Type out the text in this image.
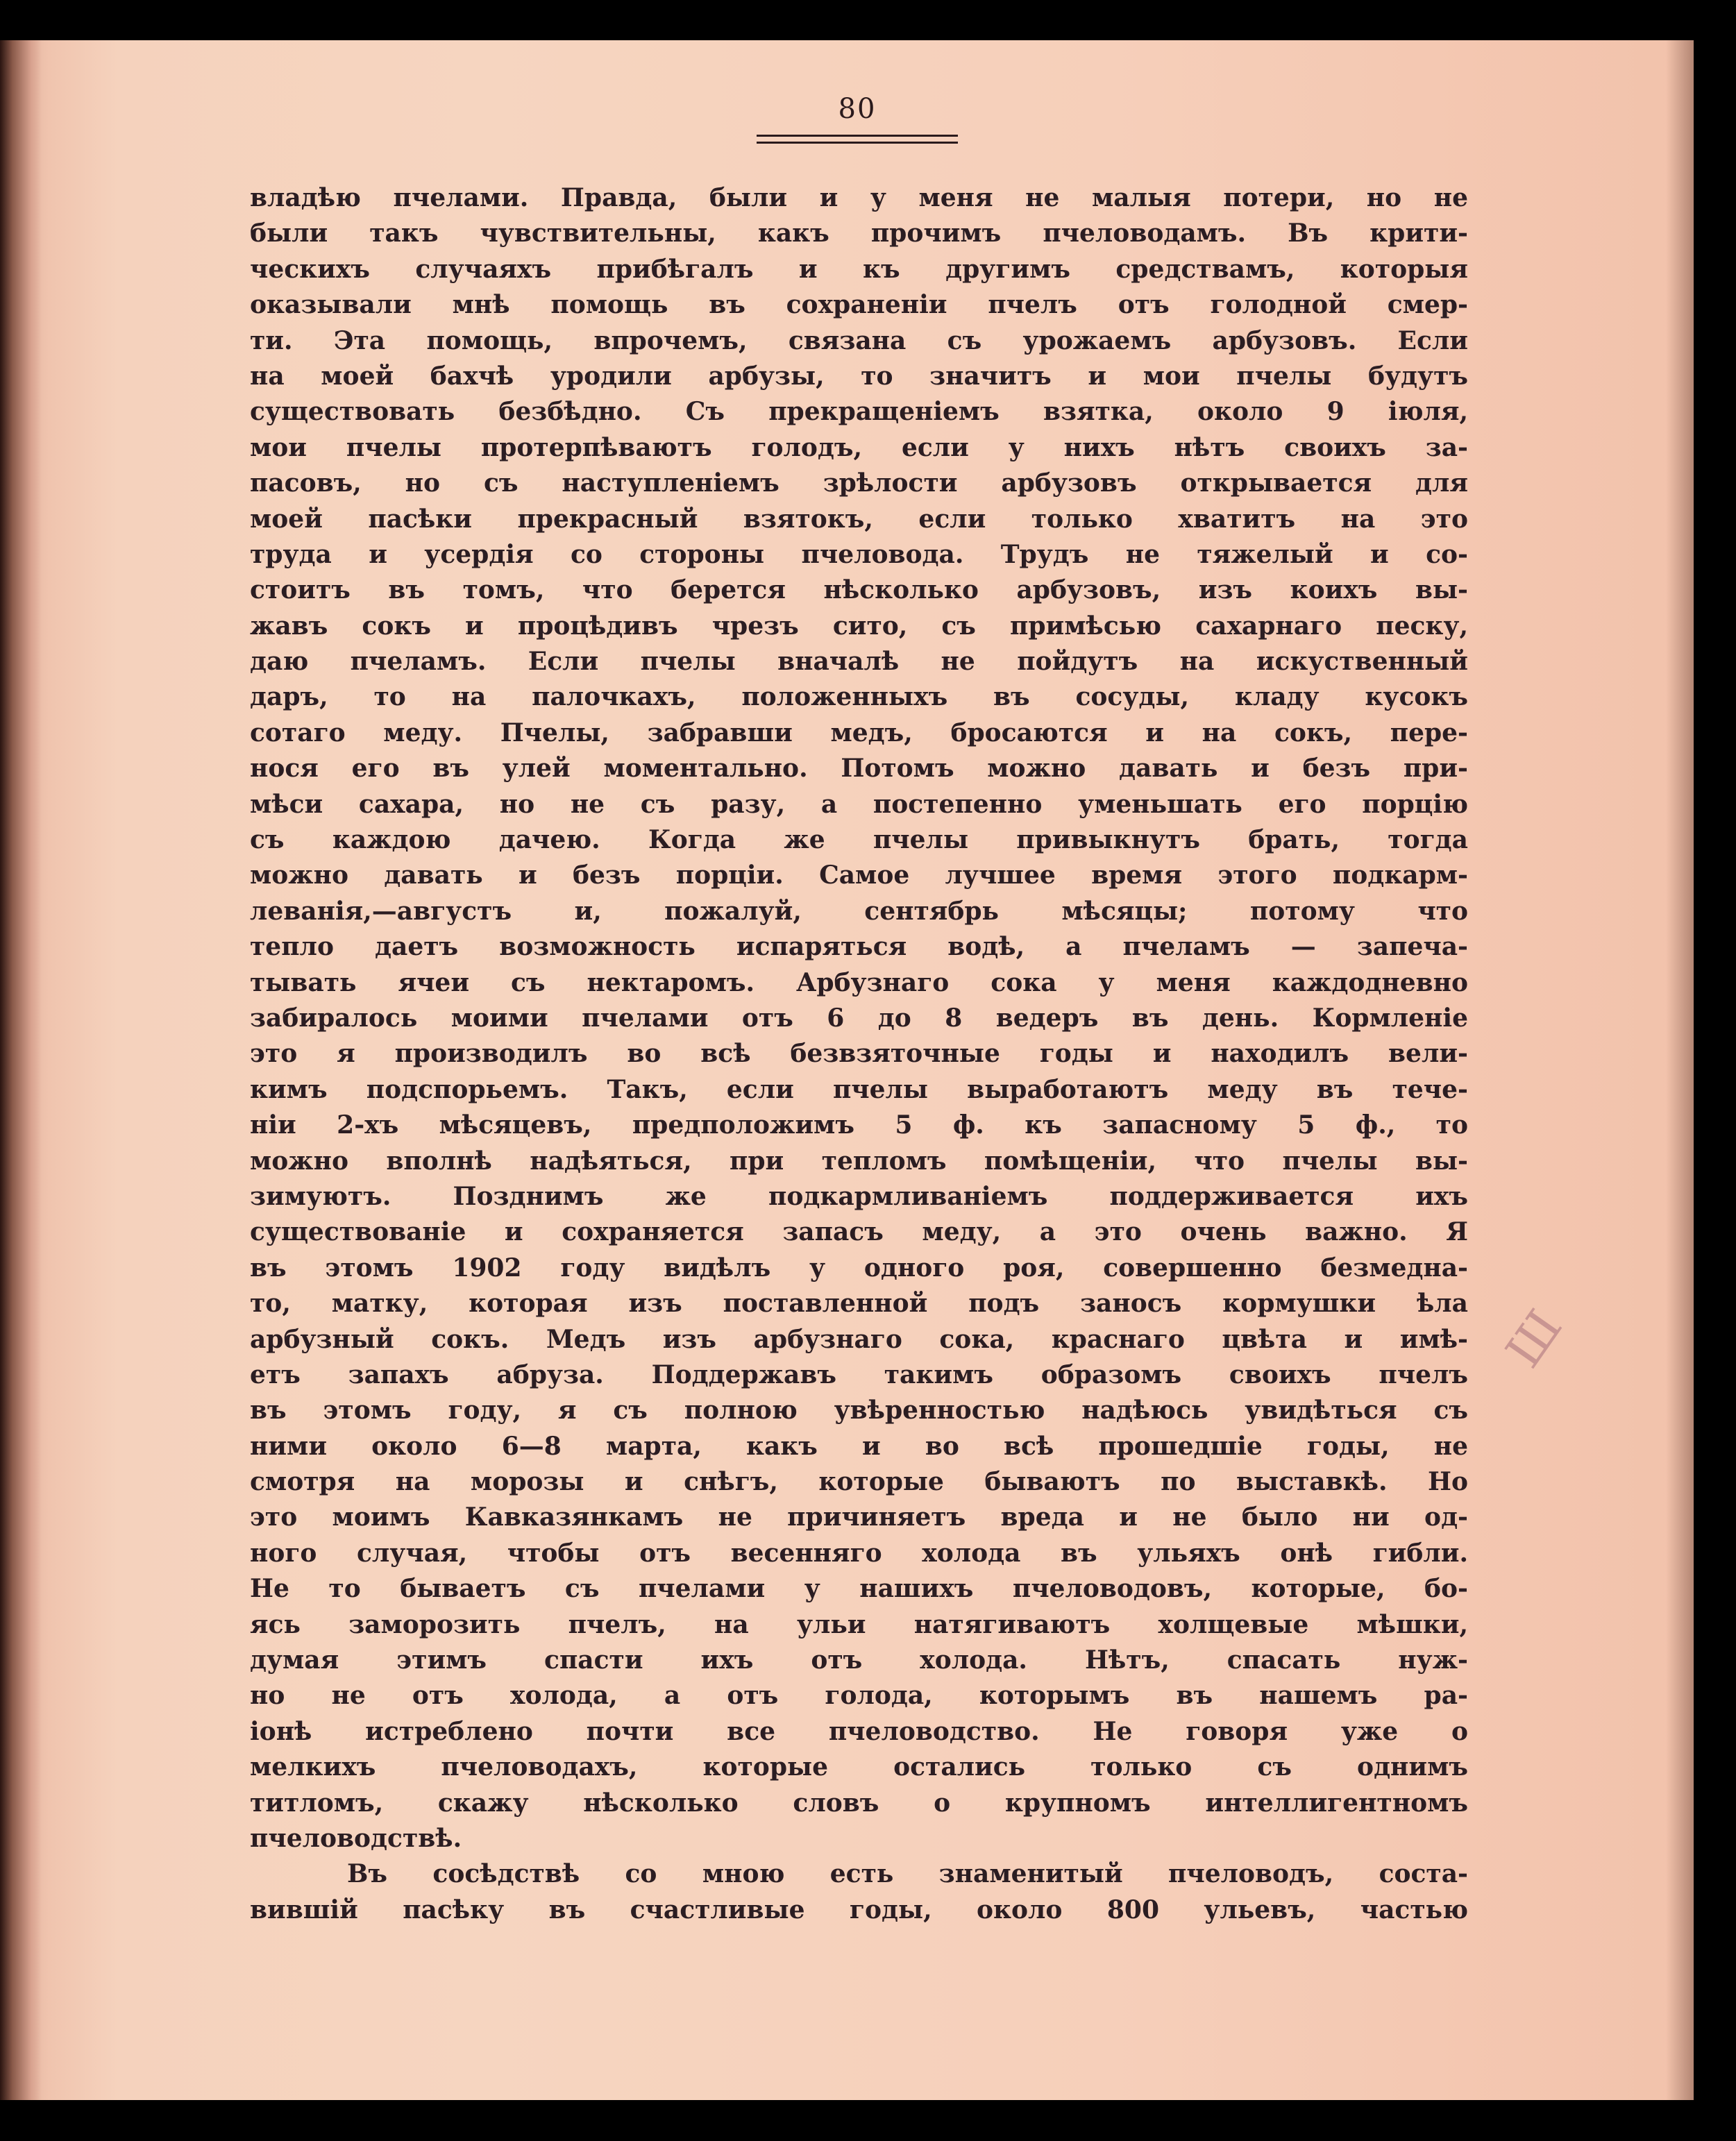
80
владѣю пчелами. Правда, были и у меня не малыя потери, но не
были такъ чувствительны, какъ прочимъ пчеловодамъ. Въ крити-
ческихъ случаяхъ прибѣгалъ и къ другимъ средствамъ, которыя
оказывали мнѣ помощь въ сохраненіи пчелъ отъ голодной смер-
ти. Эта помощь, впрочемъ, связана съ урожаемъ арбузовъ. Если
на моей бахчѣ уродили арбузы, то значитъ и мои пчелы будутъ
существовать безбѣдно. Съ прекращеніемъ взятка, около 9 іюля,
мои пчелы протерпѣваютъ голодъ, если у нихъ нѣтъ своихъ за-
пасовъ, но съ наступленіемъ зрѣлости арбузовъ открывается для
моей пасѣки прекрасный взятокъ, если только хватитъ на это
труда и усердія со стороны пчеловода. Трудъ не тяжелый и со-
стоитъ въ томъ, что берется нѣсколько арбузовъ, изъ коихъ вы-
жавъ сокъ и процѣдивъ чрезъ сито, съ примѣсью сахарнаго песку,
даю пчеламъ. Если пчелы вначалѣ не пойдутъ на искуственный
даръ, то на палочкахъ, положенныхъ въ сосуды, кладу кусокъ
сотаго меду. Пчелы, забравши медъ, бросаются и на сокъ, пере-
нося его въ улей моментально. Потомъ можно давать и безъ при-
мѣси сахара, но не съ разу, а постепенно уменьшать его порцію
съ каждою дачею. Когда же пчелы привыкнутъ брать, тогда
можно давать и безъ порціи. Самое лучшее время этого подкарм-
леванія,—августъ и, пожалуй, сентябрь мѣсяцы; потому что
тепло даетъ возможность испаряться водѣ, а пчеламъ — запеча-
тывать ячеи съ нектаромъ. Арбузнаго сока у меня каждодневно
забиралось моими пчелами отъ 6 до 8 ведеръ въ день. Кормленіе
это я производилъ во всѣ безвзяточные годы и находилъ вели-
кимъ подспорьемъ. Такъ, если пчелы выработаютъ меду въ тече-
ніи 2-хъ мѣсяцевъ, предположимъ 5 ф. къ запасному 5 ф., то
можно вполнѣ надѣяться, при тепломъ помѣщеніи, что пчелы вы-
зимуютъ. Позднимъ же подкармливаніемъ поддерживается ихъ
существованіе и сохраняется запасъ меду, а это очень важно. Я
въ этомъ 1902 году видѣлъ у одного роя, совершенно безмедна-
то, матку, которая изъ поставленной подъ заносъ кормушки ѣла
арбузный сокъ. Медъ изъ арбузнаго сока, краснаго цвѣта и имѣ-
етъ запахъ абруза. Поддержавъ такимъ образомъ своихъ пчелъ
въ этомъ году, я съ полною увѣренностью надѣюсь увидѣться съ
ними около 6—8 марта, какъ и во всѣ прошедшіе годы, не
смотря на морозы и снѣгъ, которые бываютъ по выставкѣ. Но
это моимъ Кавказянкамъ не причиняетъ вреда и не было ни од-
ного случая, чтобы отъ весенняго холода въ ульяхъ онѣ гибли.
Не то бываетъ съ пчелами у нашихъ пчеловодовъ, которые, бо-
ясь заморозить пчелъ, на ульи натягиваютъ холщевые мѣшки,
думая этимъ спасти ихъ отъ холода. Нѣтъ, спасать нуж-
но не отъ холода, а отъ голода, которымъ въ нашемъ ра-
іонѣ истреблено почти все пчеловодство. Не говоря уже о
мелкихъ пчеловодахъ, которые остались только съ однимъ
титломъ, скажу нѣсколько словъ о крупномъ интеллигентномъ
пчеловодствѣ.
Въ сосѣдствѣ со мною есть знаменитый пчеловодъ, соста-
вившій пасѣку въ счастливые годы, около 800 ульевъ, частью
Ш
